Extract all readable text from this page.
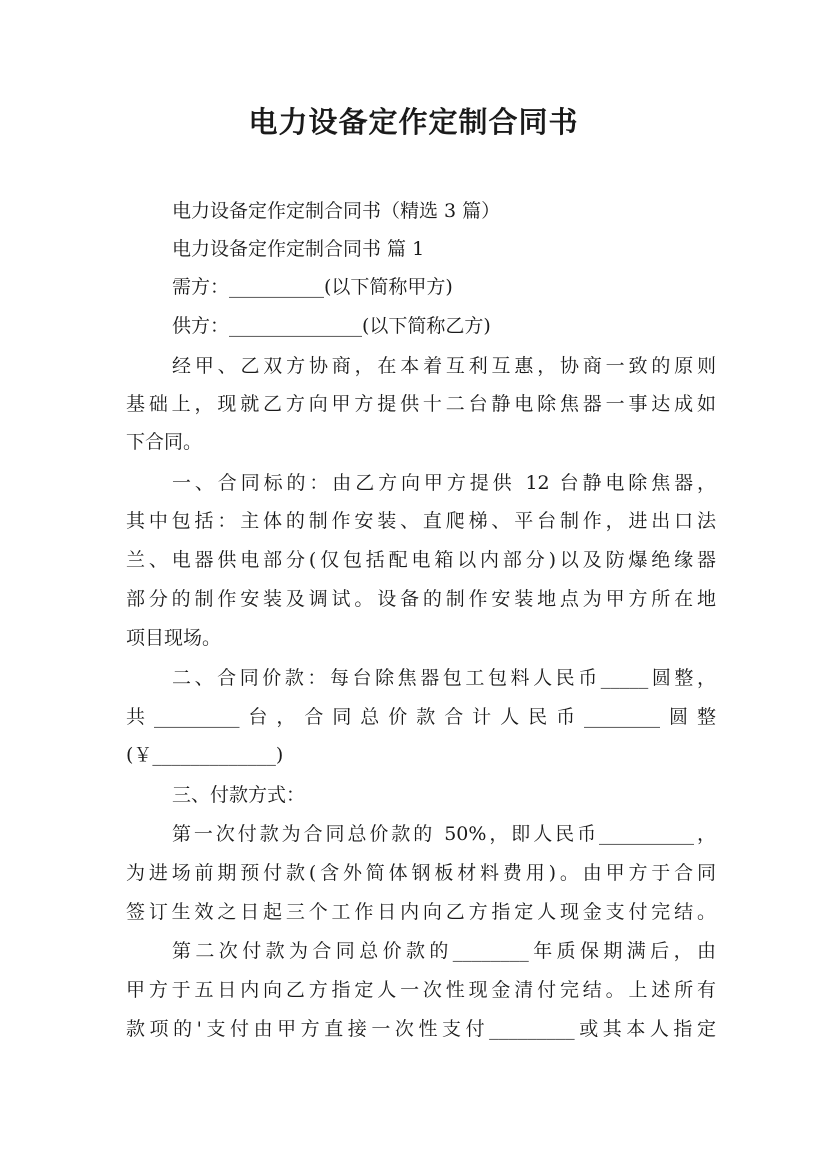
电力设备定作定制合同书

电力设备定作定制合同书（精选 3 篇）

电力设备定作定制合同书 篇 1

需方：__________(以下简称甲方)

供方：______________(以下简称乙方)

经甲、乙双方协商，在本着互利互惠，协商一致的原则

基础上，现就乙方向甲方提供十二台静电除焦器一事达成如

下合同。

一、合同标的：由乙方向甲方提供 12 台静电除焦器，

其中包括：主体的制作安装、直爬梯、平台制作，进出口法

兰、电器供电部分(仅包括配电箱以内部分)以及防爆绝缘器

部分的制作安装及调试。设备的制作安装地点为甲方所在地

项目现场。

二、合同价款：每台除焦器包工包料人民币_____圆整，

共_________台，合同总价款合计人民币________圆整

(￥_____________)

三、付款方式：

第一次付款为合同总价款的 50%，即人民币__________，

为进场前期预付款(含外简体钢板材料费用)。由甲方于合同

签订生效之日起三个工作日内向乙方指定人现金支付完结。

第二次付款为合同总价款的________年质保期满后，由

甲方于五日内向乙方指定人一次性现金清付完结。上述所有

款项的'支付由甲方直接一次性支付_________或其本人指定
